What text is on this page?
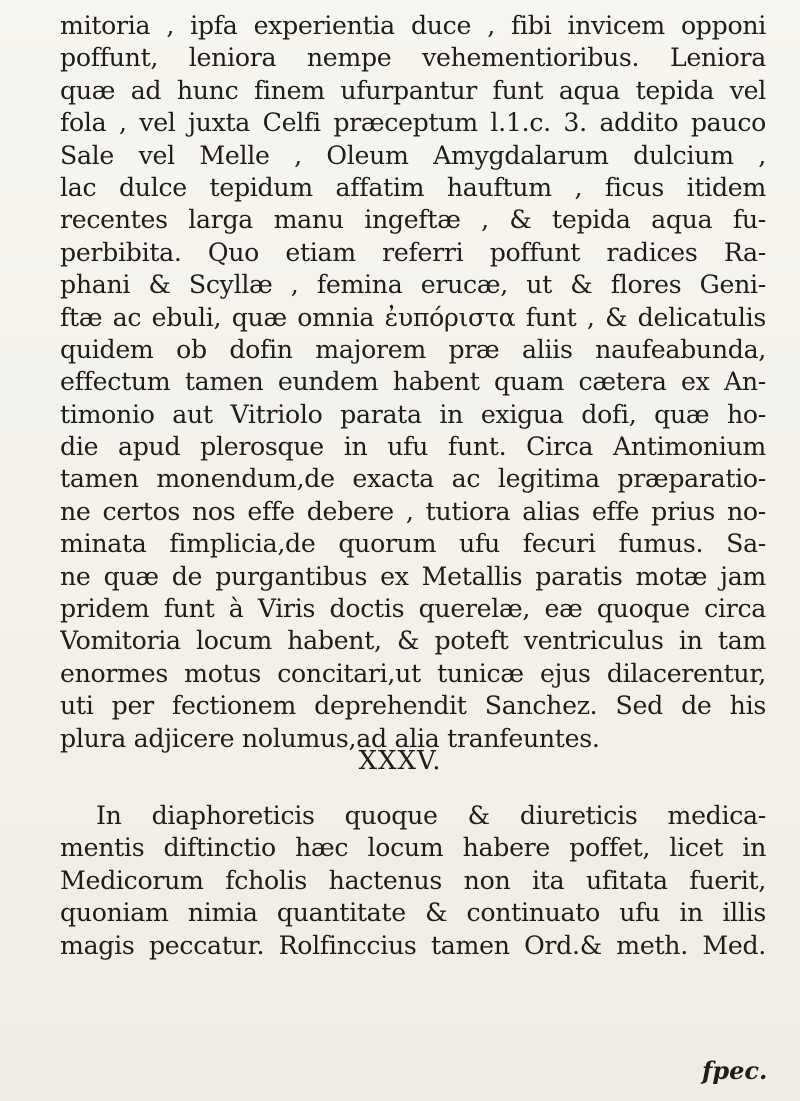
mitoria , ipfa experientia duce , fibi invicem opponi
poffunt, leniora nempe vehementioribus. Leniora
quæ ad hunc finem ufurpantur funt aqua tepida vel
fola , vel juxta Celfi præceptum l.1.c. 3. addito pauco
Sale vel Melle , Oleum Amygdalarum dulcium ,
lac dulce tepidum affatim hauftum , ficus itidem
recentes larga manu ingeftæ , & tepida aqua fu-
perbibita. Quo etiam referri poffunt radices Ra-
phani & Scyllæ , femina erucæ, ut & flores Geni-
ftæ ac ebuli, quæ omnia ἐυπόριστα funt , & delicatulis
quidem ob dofin majorem præ aliis naufeabunda,
effectum tamen eundem habent quam cætera ex An-
timonio aut Vitriolo parata in exigua dofi, quæ ho-
die apud plerosque in ufu funt. Circa Antimonium
tamen monendum,de exacta ac legitima præparatio-
ne certos nos effe debere , tutiora alias effe prius no-
minata fimplicia,de quorum ufu fecuri fumus. Sa-
ne quæ de purgantibus ex Metallis paratis motæ jam
pridem funt à Viris doctis querelæ, eæ quoque circa
Vomitoria locum habent, & poteft ventriculus in tam
enormes motus concitari,ut tunicæ ejus dilacerentur,
uti per fectionem deprehendit Sanchez. Sed de his
plura adjicere nolumus,ad alia tranfeuntes.
XXXV.
In diaphoreticis quoque & diureticis medica-
mentis diftinctio hæc locum habere poffet, licet in
Medicorum fcholis hactenus non ita ufitata fuerit,
quoniam nimia quantitate & continuato ufu in illis
magis peccatur. Rolfinccius tamen Ord.& meth. Med.
fpec.
